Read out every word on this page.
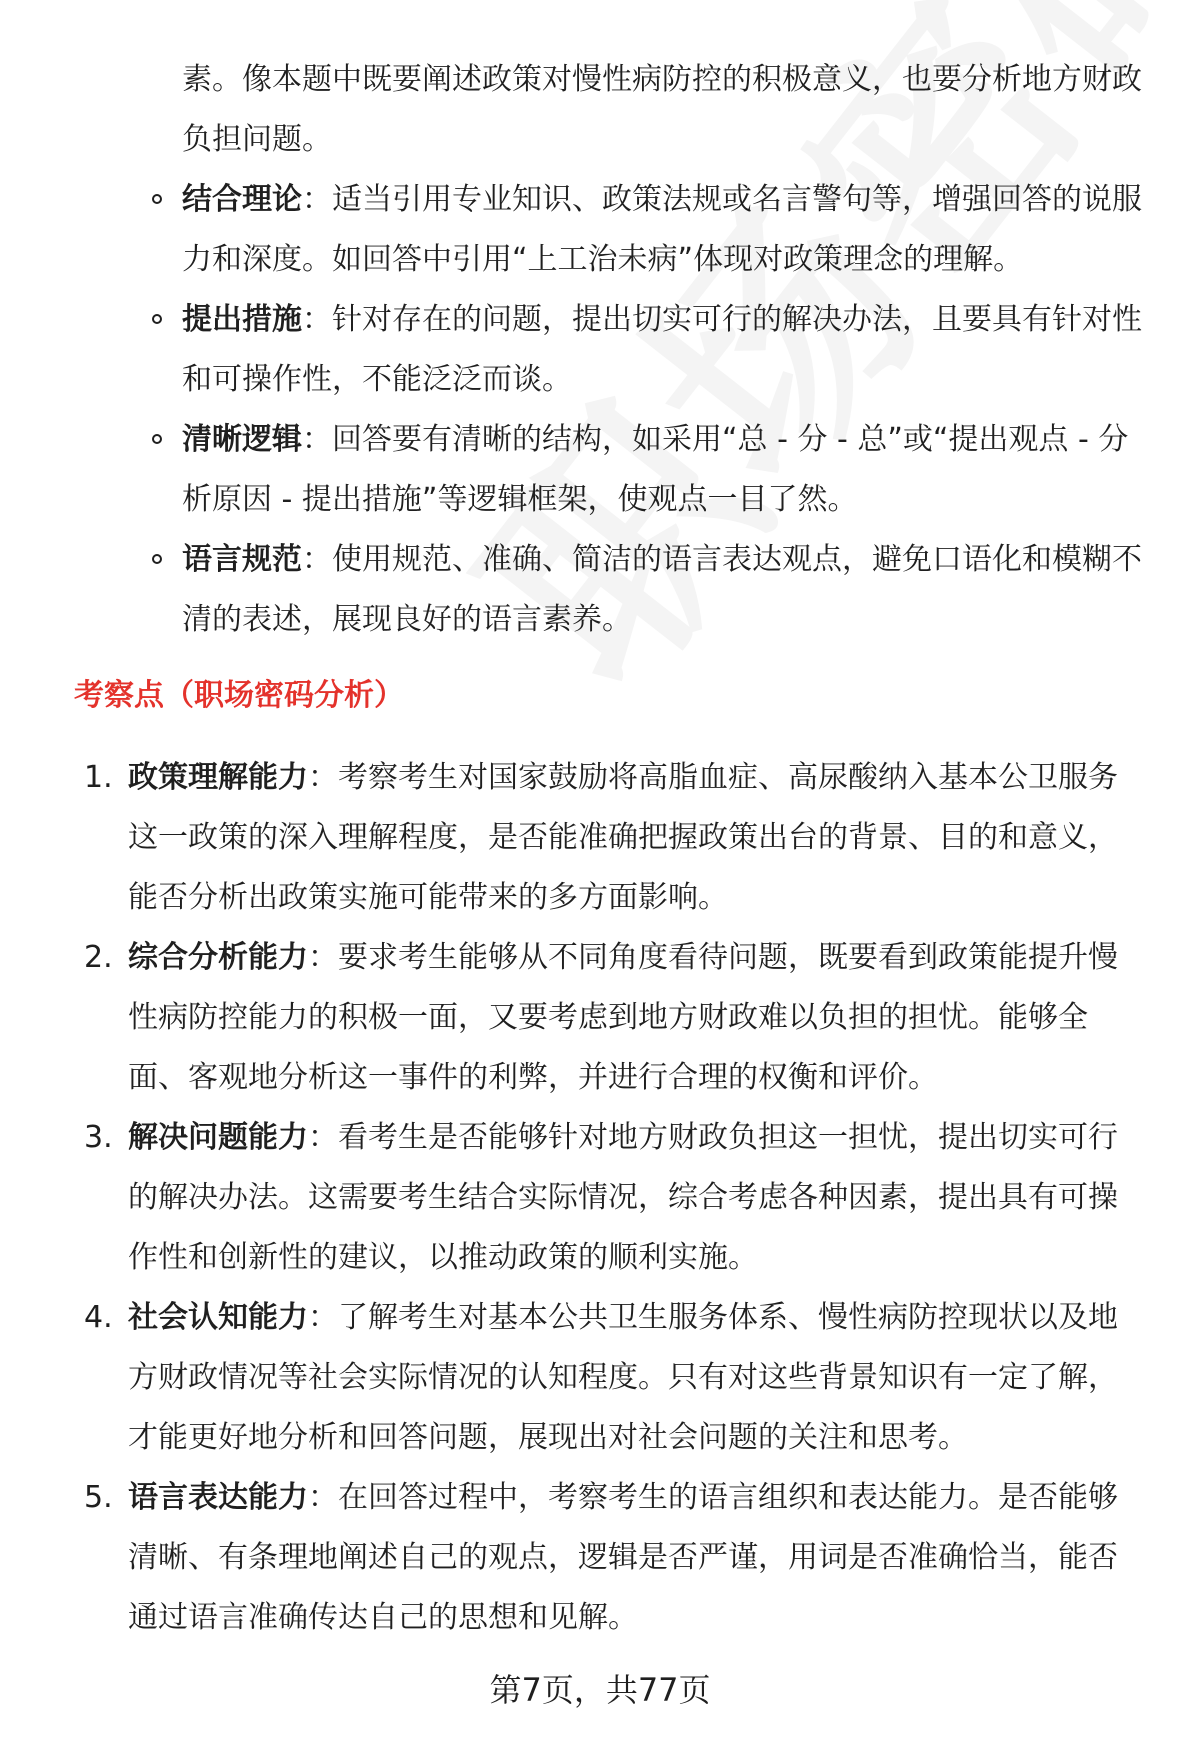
素。像本题中既要阐述政策对慢性病防控的积极意义，也要分析地方财政负担问题。
结合理论：适当引用专业知识、政策法规或名言警句等，增强回答的说服力和深度。如回答中引用“上工治未病”体现对政策理念的理解。
提出措施：针对存在的问题，提出切实可行的解决办法，且要具有针对性和可操作性，不能泛泛而谈。
清晰逻辑：回答要有清晰的结构，如采用“总 - 分 - 总”或“提出观点 - 分析原因 - 提出措施”等逻辑框架，使观点一目了然。
语言规范：使用规范、准确、简洁的语言表达观点，避免口语化和模糊不清的表述，展现良好的语言素养。
考察点（职场密码分析）
1. 政策理解能力：考察考生对国家鼓励将高脂血症、高尿酸纳入基本公卫服务这一政策的深入理解程度，是否能准确把握政策出台的背景、目的和意义，能否分析出政策实施可能带来的多方面影响。
2. 综合分析能力：要求考生能够从不同角度看待问题，既要看到政策能提升慢性病防控能力的积极一面，又要考虑到地方财政难以负担的担忧。能够全面、客观地分析这一事件的利弊，并进行合理的权衡和评价。
3. 解决问题能力：看考生是否能够针对地方财政负担这一担忧，提出切实可行的解决办法。这需要考生结合实际情况，综合考虑各种因素，提出具有可操作性和创新性的建议，以推动政策的顺利实施。
4. 社会认知能力：了解考生对基本公共卫生服务体系、慢性病防控现状以及地方财政情况等社会实际情况的认知程度。只有对这些背景知识有一定了解，才能更好地分析和回答问题，展现出对社会问题的关注和思考。
5. 语言表达能力：在回答过程中，考察考生的语言组织和表达能力。是否能够清晰、有条理地阐述自己的观点，逻辑是否严谨，用词是否准确恰当，能否通过语言准确传达自己的思想和见解。
第7页，共77页
